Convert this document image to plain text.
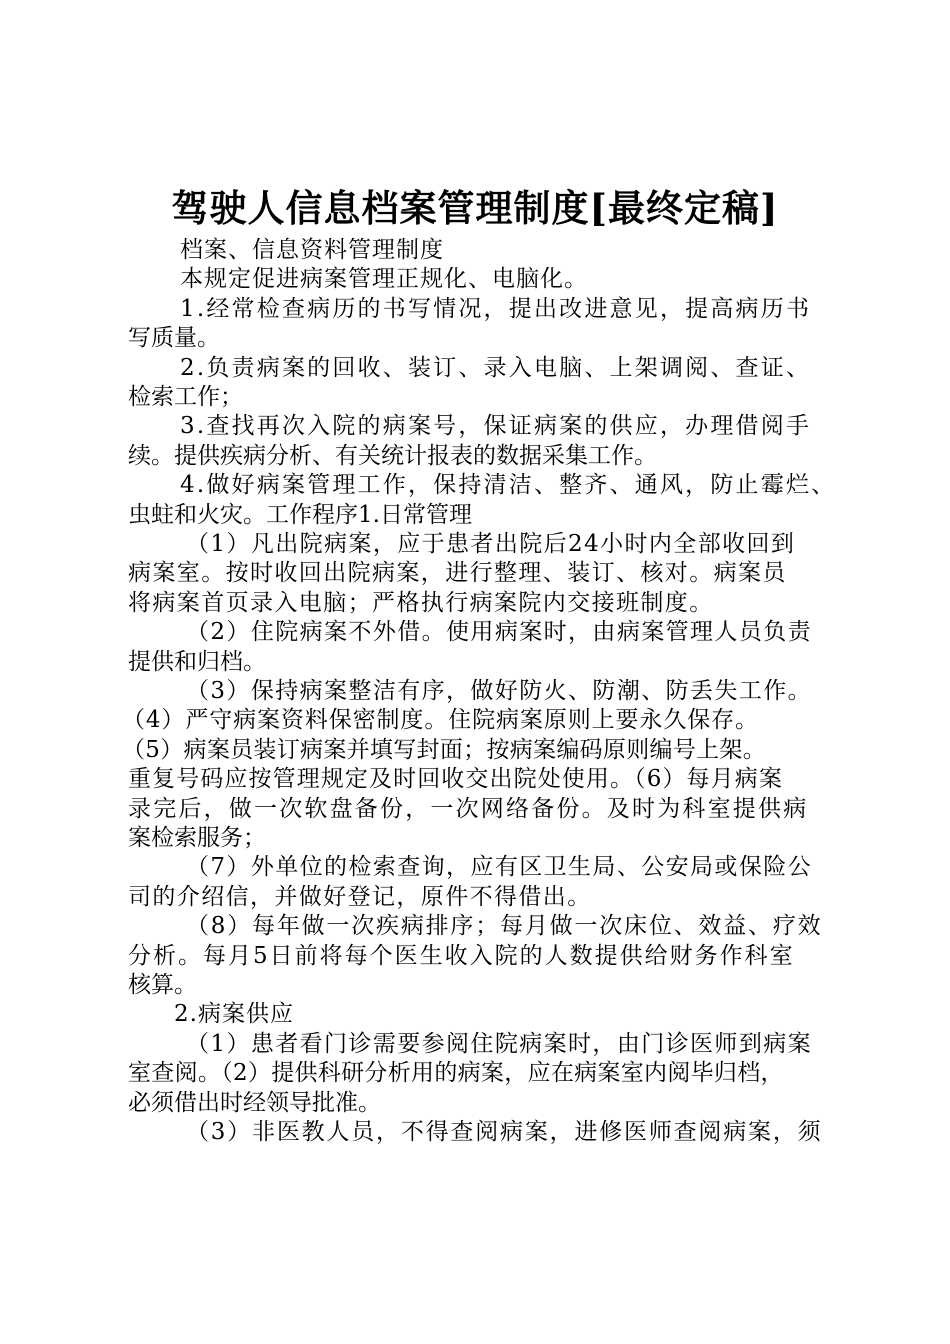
驾驶人信息档案管理制度[最终定稿]
档案、信息资料管理制度
本规定促进病案管理正规化、电脑化。
1.经常检查病历的书写情况，提出改进意见，提高病历书
写质量。
2.负责病案的回收、装订、录入电脑、上架调阅、查证、
检索工作；
3.查找再次入院的病案号，保证病案的供应，办理借阅手
续。提供疾病分析、有关统计报表的数据采集工作。
4.做好病案管理工作，保持清洁、整齐、通风，防止霉烂、
虫蛀和火灾。工作程序1.日常管理
（1）凡出院病案，应于患者出院后24小时内全部收回到
病案室。按时收回出院病案，进行整理、装订、核对。病案员
将病案首页录入电脑；严格执行病案院内交接班制度。
（2）住院病案不外借。使用病案时，由病案管理人员负责
提供和归档。
（3）保持病案整洁有序，做好防火、防潮、防丢失工作。
（4）严守病案资料保密制度。住院病案原则上要永久保存。
（5）病案员装订病案并填写封面；按病案编码原则编号上架。
重复号码应按管理规定及时回收交出院处使用。（6）每月病案
录完后，做一次软盘备份，一次网络备份。及时为科室提供病
案检索服务；
（7）外单位的检索查询，应有区卫生局、公安局或保险公
司的介绍信，并做好登记，原件不得借出。
（8）每年做一次疾病排序；每月做一次床位、效益、疗效
分析。每月5日前将每个医生收入院的人数提供给财务作科室
核算。
2.病案供应
（1）患者看门诊需要参阅住院病案时，由门诊医师到病案
室查阅。（2）提供科研分析用的病案，应在病案室内阅毕归档，
必须借出时经领导批准。
（3）非医教人员，不得查阅病案，进修医师查阅病案，须
